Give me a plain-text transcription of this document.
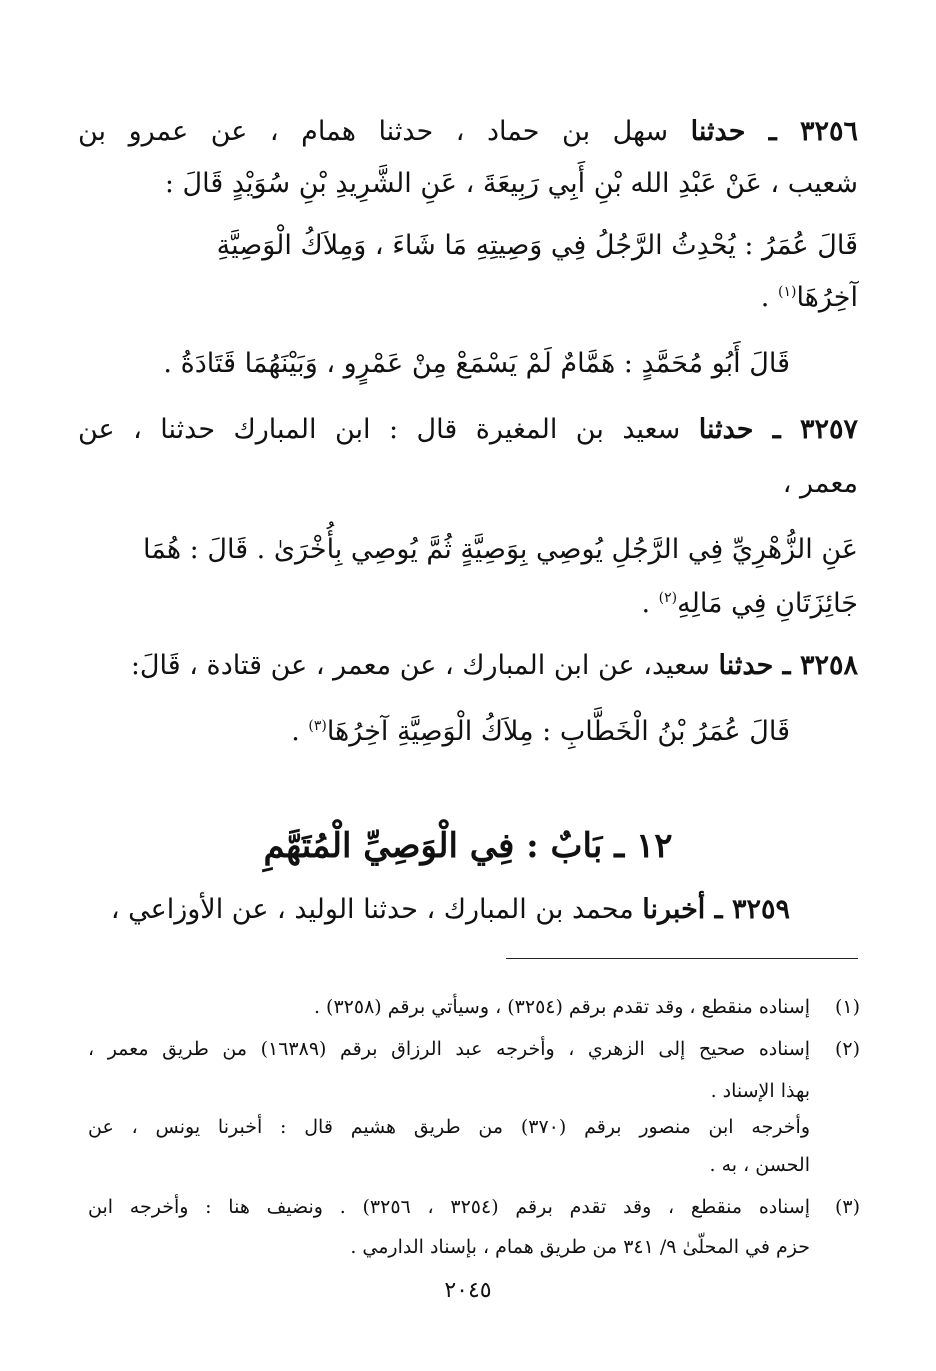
٣٢٥٦ ـ حدثنا سهل بن حماد ، حدثنا همام ، عن عمرو بن
شعيب ، عَنْ عَبْدِ الله بْنِ أَبِي رَبِيعَةَ ، عَنِ الشَّرِيدِ بْنِ سُوَيْدٍ قَالَ :
قَالَ عُمَرُ : يُحْدِثُ الرَّجُلُ فِي وَصِيتِهِ مَا شَاءَ ، وَمِلاَكُ الْوَصِيَّةِ
آخِرُهَا$^{(١)}$ .
قَالَ أَبُو مُحَمَّدٍ : هَمَّامٌ لَمْ يَسْمَعْ مِنْ عَمْرٍو ، وَبَيْنَهُمَا قَتَادَةُ .
٣٢٥٧ ـ حدثنا سعيد بن المغيرة قال : ابن المبارك حدثنا ، عن
معمر ،
عَنِ الزُّهْرِيِّ فِي الرَّجُلِ يُوصِي بِوَصِيَّةٍ ثُمَّ يُوصِي بِأُخْرَىٰ . قَالَ : هُمَا
جَائِزَتَانِ فِي مَالِهِ$^{(٢)}$ .
٣٢٥٨ ـ حدثنا سعيد، عن ابن المبارك ، عن معمر ، عن قتادة ، قَالَ:
قَالَ عُمَرُ بْنُ الْخَطَّابِ : مِلاَكُ الْوَصِيَّةِ آخِرُهَا$^{(٣)}$ .
١٢ ـ بَابٌ : فِي الْوَصِيِّ الْمُتَهَّمِ
٣٢٥٩ ـ أخبرنا محمد بن المبارك ، حدثنا الوليد ، عن الأوزاعي ،
(١)
إسناده منقطع ، وقد تقدم برقم (٣٢٥٤) ، وسيأتي برقم (٣٢٥٨) .
(٢)
إسناده صحيح إلى الزهري ، وأخرجه عبد الرزاق برقم (١٦٣٨٩) من طريق معمر ،
بهذا الإسناد .
وأخرجه ابن منصور برقم (٣٧٠) من طريق هشيم قال : أخبرنا يونس ، عن
الحسن ، به .
(٣)
إسناده منقطع ، وقد تقدم برقم (٣٢٥٤ ، ٣٢٥٦) . ونضيف هنا : وأخرجه ابن
حزم في المحلّىٰ ٩/ ٣٤١ من طريق همام ، بإسناد الدارمي .
٢٠٤٥
